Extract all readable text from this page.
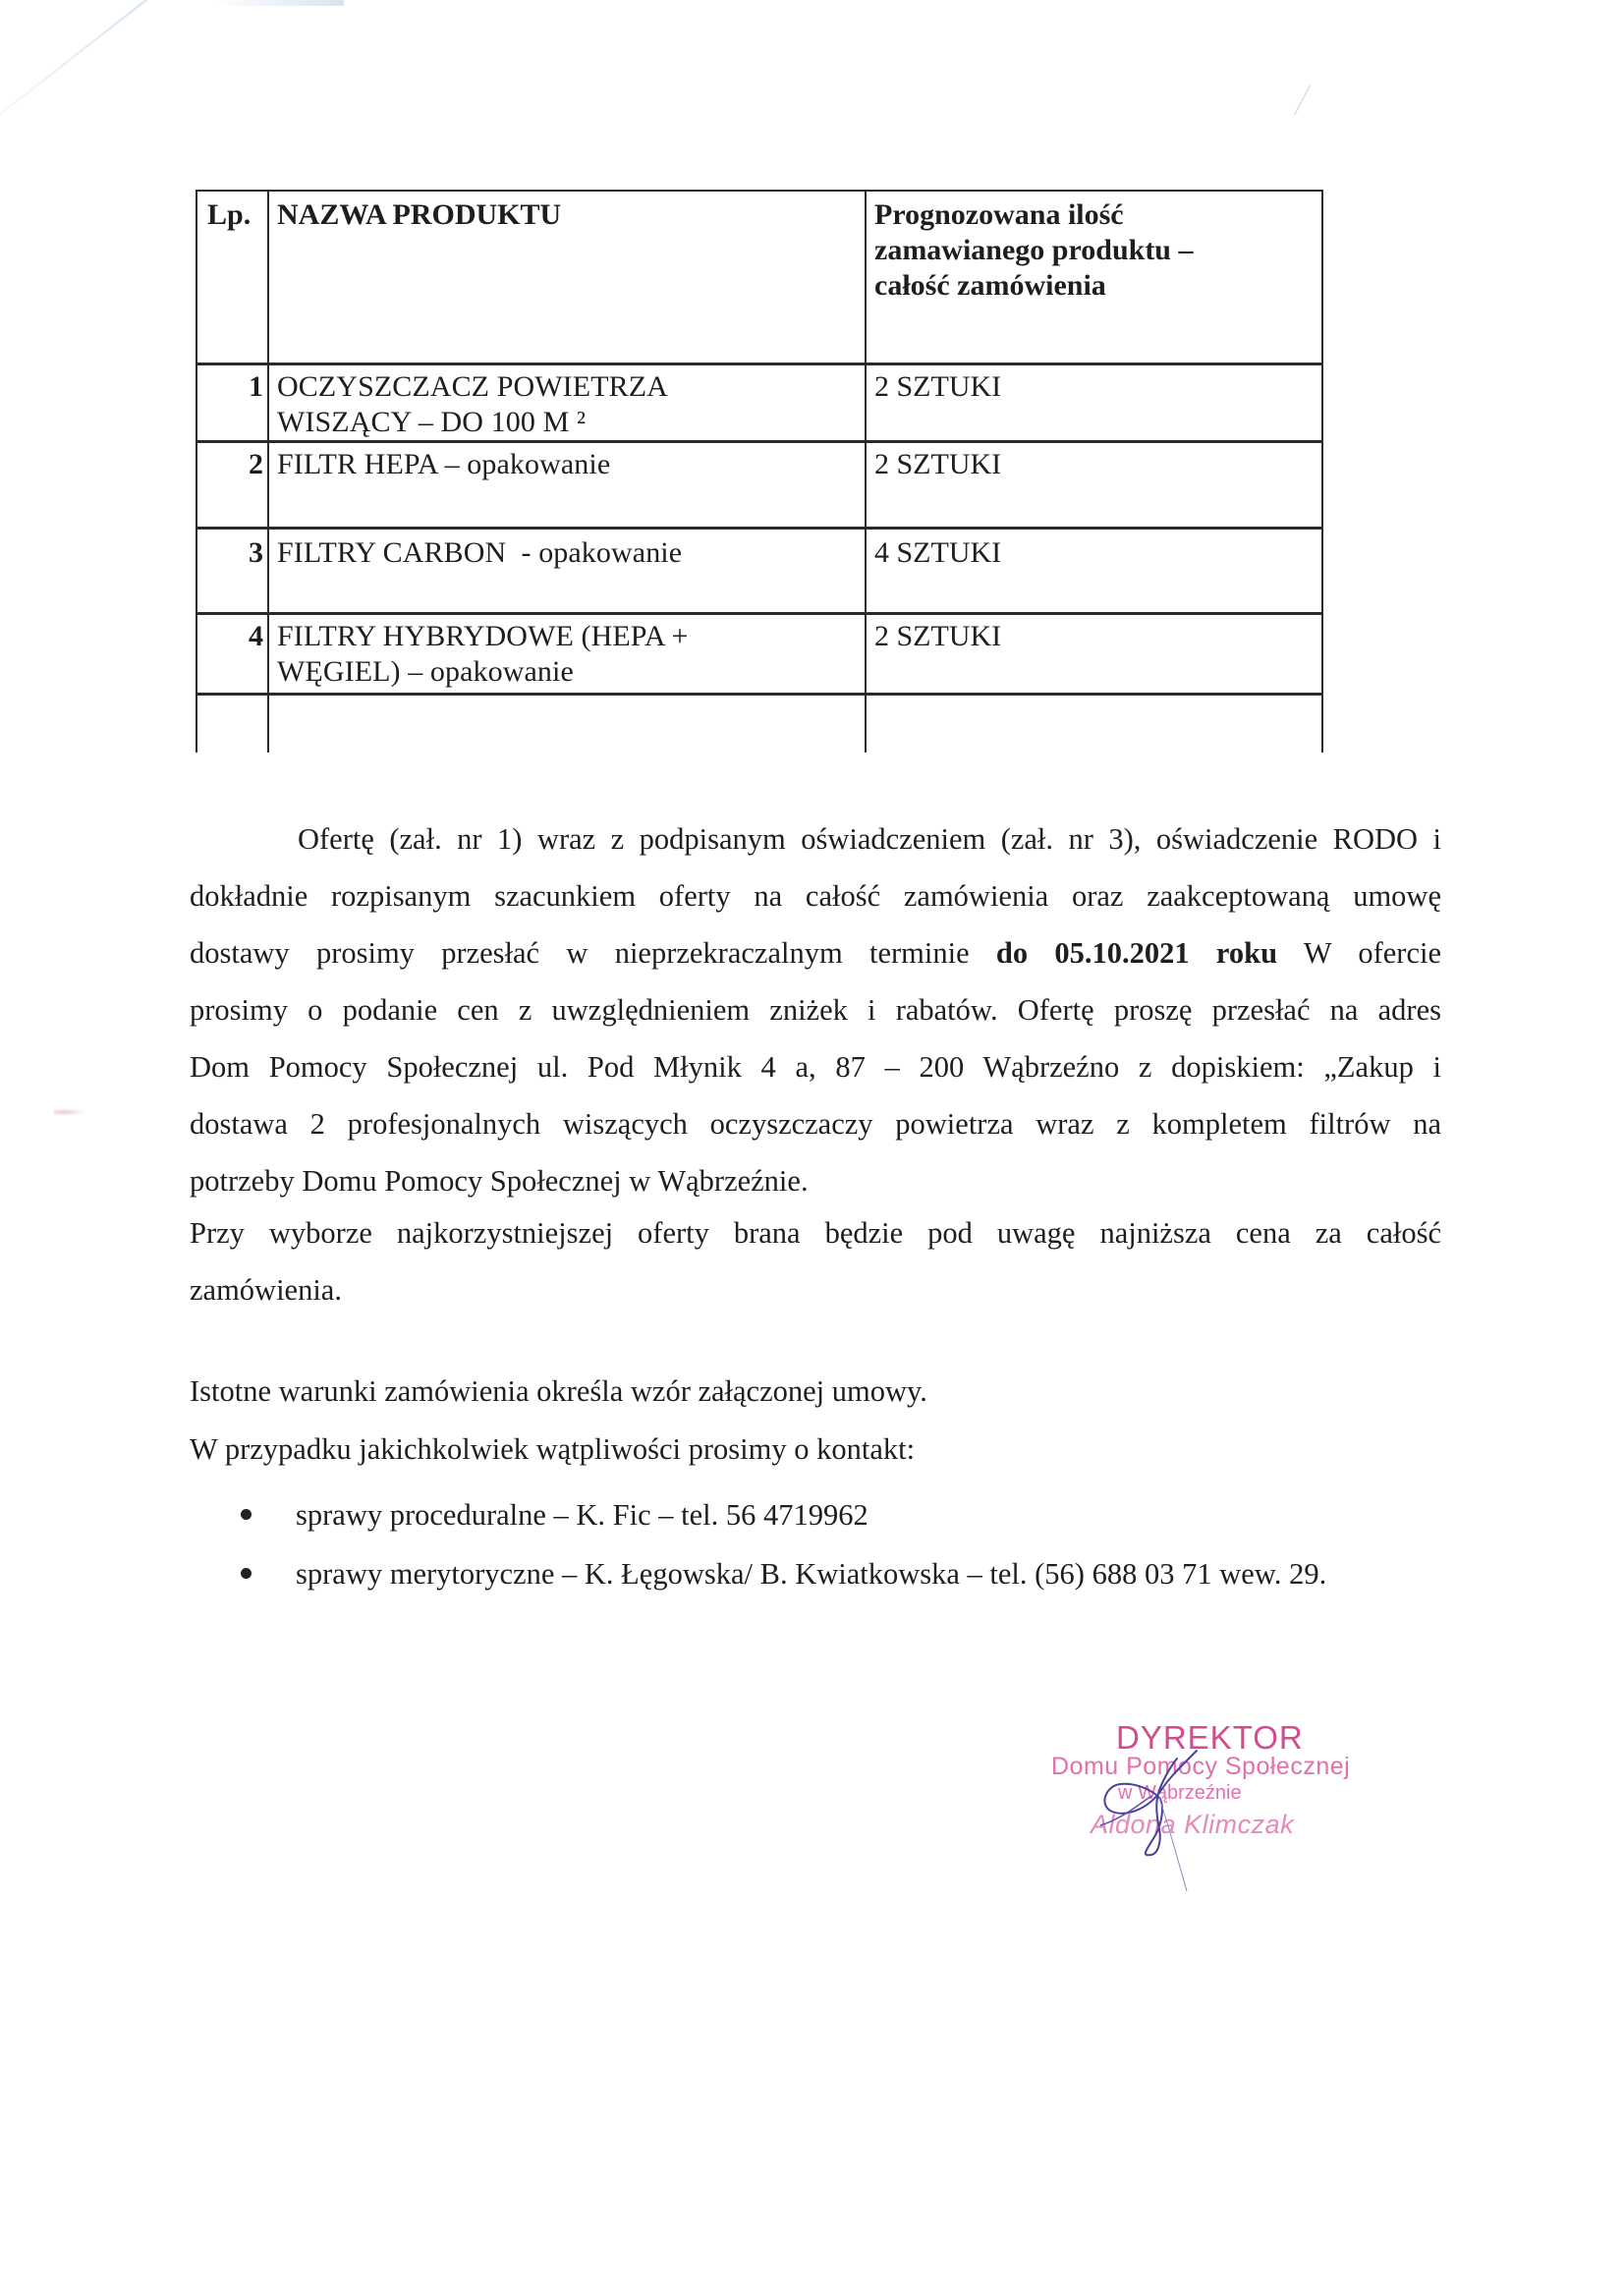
Lp.	NAZWA PRODUKTU	Prognozowana ilość
zamawianego produktu –
całość zamówienia

1	OCZYSZCZACZ POWIETRZA
WISZĄCY – DO 100 M ²	2 SZTUKI
2	FILTR HEPA – opakowanie	2 SZTUKI
3	FILTRY CARBON  - opakowanie	4 SZTUKI
4	FILTRY HYBRYDOWE (HEPA +
WĘGIEL) – opakowanie	2 SZTUKI

Ofertę (zał. nr 1) wraz z podpisanym oświadczeniem (zał. nr 3), oświadczenie RODO i
dokładnie rozpisanym szacunkiem oferty na całość zamówienia oraz zaakceptowaną umowę
dostawy prosimy przesłać w nieprzekraczalnym terminie do 05.10.2021 roku W ofercie
prosimy o podanie cen z uwzględnieniem zniżek i rabatów. Ofertę proszę przesłać na adres
Dom Pomocy Społecznej ul. Pod Młynik 4 a, 87 – 200 Wąbrzeźno z dopiskiem: „Zakup i
dostawa 2 profesjonalnych wiszących oczyszczaczy powietrza wraz z kompletem filtrów na
potrzeby Domu Pomocy Społecznej w Wąbrzeźnie.
Przy wyborze najkorzystniejszej oferty brana będzie pod uwagę najniższa cena za całość
zamówienia.
Istotne warunki zamówienia określa wzór załączonej umowy.
W przypadku jakichkolwiek wątpliwości prosimy o kontakt:
sprawy proceduralne – K. Fic – tel. 56 4719962
sprawy merytoryczne – K. Łęgowska/ B. Kwiatkowska – tel. (56) 688 03 71 wew. 29.
DYREKTOR
Domu Pomocy Społecznej
w Wąbrzeźnie
Aldona Klimczak
